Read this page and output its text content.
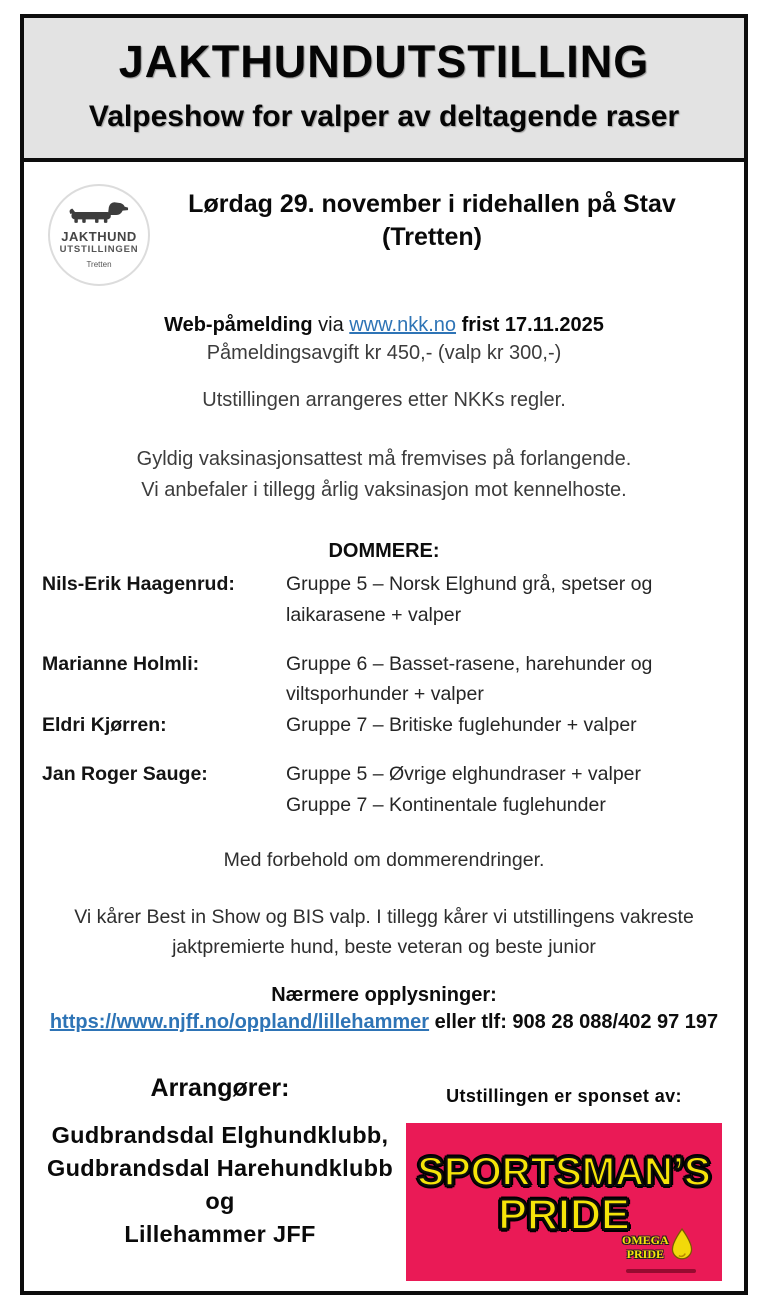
JAKTHUNDUTSTILLING
Valpeshow for valper av deltagende raser
JAKTHUND
UTSTILLINGEN
Tretten
Lørdag 29. november i ridehallen på Stav
(Tretten)
Web-påmelding via www.nkk.no frist 17.11.2025
Påmeldingsavgift kr 450,- (valp kr 300,-)
Utstillingen arrangeres etter NKKs regler.
Gyldig vaksinasjonsattest må fremvises på forlangende.
Vi anbefaler i tillegg årlig vaksinasjon mot kennelhoste.
DOMMERE:
Nils-Erik Haagenrud:	Gruppe 5 – Norsk Elghund grå, spetser og
laikarasene + valper
Marianne Holmli:	Gruppe 6 – Basset-rasene, harehunder og
viltsporhunder + valper
Eldri Kjørren:	Gruppe 7 – Britiske fuglehunder + valper
Jan Roger Sauge:	Gruppe 5 – Øvrige elghundraser + valper
Gruppe 7 – Kontinentale fuglehunder
Med forbehold om dommerendringer.
Vi kårer Best in Show og BIS valp. I tillegg kårer vi utstillingens vakreste
jaktpremierte hund, beste veteran og beste junior
Nærmere opplysninger:
https://www.njff.no/oppland/lillehammer eller tlf: 908 28 088/402 97 197
Arrangører:
Gudbrandsdal Elghundklubb,
Gudbrandsdal Harehundklubb
og
Lillehammer JFF
Utstillingen er sponset av:
SPORTSMAN’S
PRIDE
OMEGA
PRIDE
